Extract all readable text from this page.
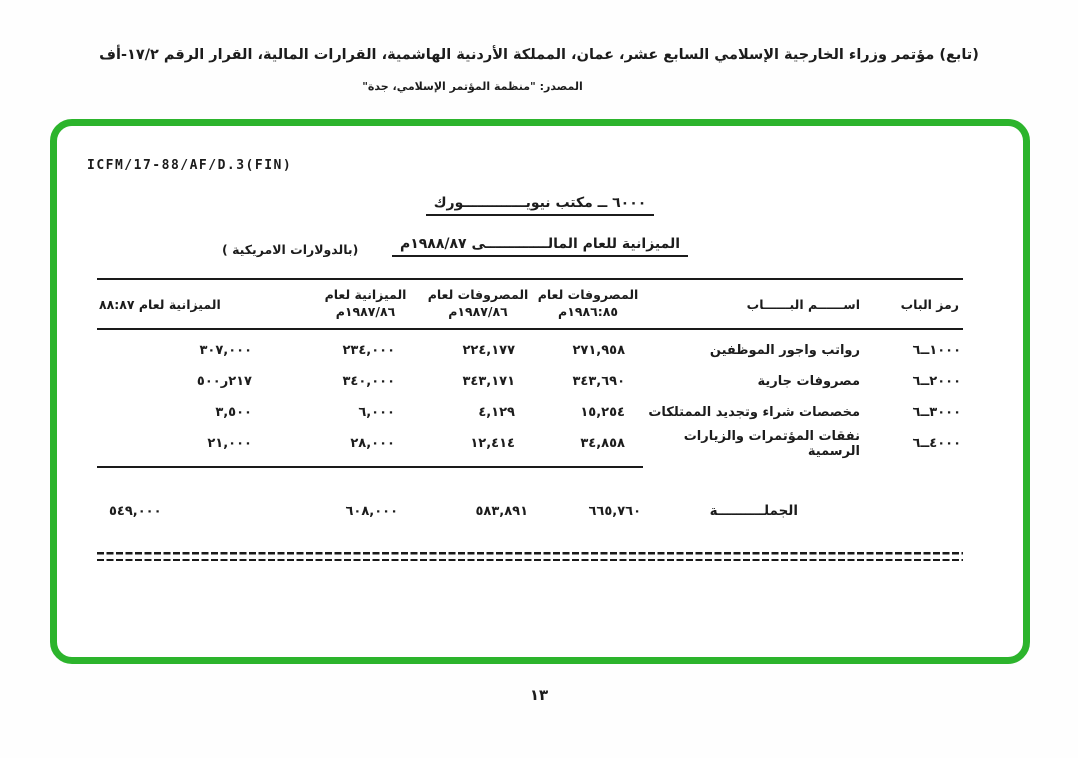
(تابع) مؤتمر وزراء الخارجية الإسلامي السابع عشر، عمان، المملكة الأردنية الهاشمية، القرارات المالية، القرار الرقم ١٧/٢-أف
المصدر: "منظمة المؤتمر الإسلامي، جدة"
ICFM/17-88/AF/D.3(FIN)
٦٠٠٠ ــ مكتب نيويـــــــــــــورك
الميزانية للعام المالـــــــــــــى ١٩٨٨/٨٧م
(بالدولارات الامريكية )
رمز الباب
اســــــم البــــــاب
المصروفات لعام
١٩٨٦:٨٥م
المصروفات لعام
١٩٨٧/٨٦م
الميزانية لعام
١٩٨٧/٨٦م
الميزانية لعام ٨٨:٨٧
٦ــ١٠٠٠
رواتب واجور الموظفين
٢٧١,٩٥٨
٢٢٤,١٧٧
٢٣٤,٠٠٠
٣٠٧,٠٠٠
٦ــ٢٠٠٠
مصروفات جارية
٣٤٣,٦٩٠
٣٤٣,١٧١
٣٤٠,٠٠٠
٢١٧ر٥٠٠
٦ــ٣٠٠٠
مخصصات شراء وتجديد الممتلكات
١٥,٢٥٤
٤,١٢٩
٦,٠٠٠
٣,٥٠٠
٦ــ٤٠٠٠
نفقات المؤتمرات والزيارات الرسمية
٣٤,٨٥٨
١٢,٤١٤
٢٨,٠٠٠
٢١,٠٠٠
الجملــــــــــة
٦٦٥,٧٦٠
٥٨٣,٨٩١
٦٠٨,٠٠٠
٥٤٩,٠٠٠
١٣
